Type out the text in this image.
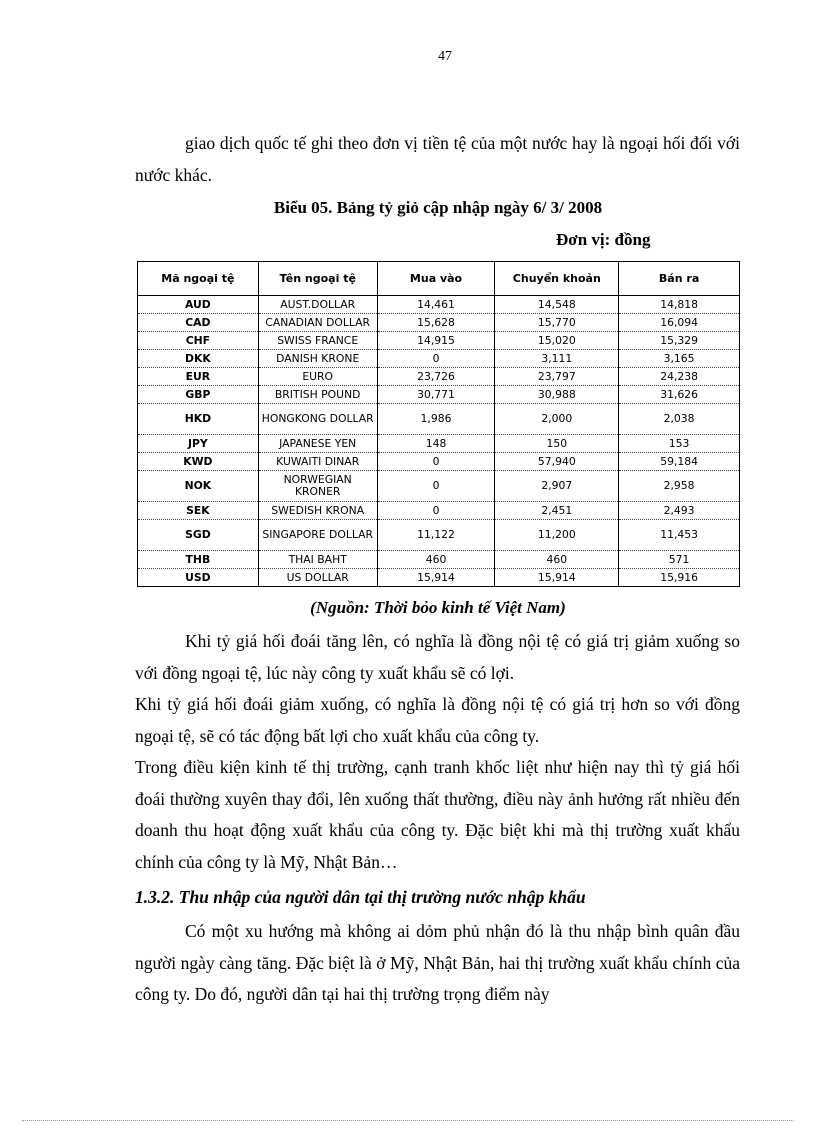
47

giao dịch quốc tế ghi theo đơn vị tiền tệ của một nước hay là ngoại hối đối với nước khác.

Biểu 05. Bảng tỷ giỏ cập nhập ngày 6/ 3/ 2008
Đơn vị: đồng
Mã ngoại tệ	Tên ngoại tệ	Mua vào	Chuyển khoản	Bán ra
AUD	AUST.DOLLAR	14,461	14,548	14,818
CAD	CANADIAN DOLLAR	15,628	15,770	16,094
CHF	SWISS FRANCE	14,915	15,020	15,329
DKK	DANISH KRONE	0	3,111	3,165
EUR	EURO	23,726	23,797	24,238
GBP	BRITISH POUND	30,771	30,988	31,626
HKD	HONGKONG DOLLAR	1,986	2,000	2,038
JPY	JAPANESE YEN	148	150	153
KWD	KUWAITI DINAR	0	57,940	59,184
NOK	NORWEGIAN KRONER	0	2,907	2,958
SEK	SWEDISH KRONA	0	2,451	2,493
SGD	SINGAPORE DOLLAR	11,122	11,200	11,453
THB	THAI BAHT	460	460	571
USD	US DOLLAR	15,914	15,914	15,916
(Nguồn: Thời bỏo kinh tế Việt Nam)

Khi tỷ giá hối đoái tăng lên, có nghĩa là đồng nội tệ có giá trị giảm xuống so với đồng ngoại tệ, lúc này công ty xuất khẩu sẽ có lợi.

Khi tỷ giá hối đoái giảm xuống, có nghĩa là đồng nội tệ có giá trị hơn so với đồng ngoại tệ, sẽ có tác động bất lợi cho xuất khẩu của công ty.

Trong điều kiện kinh tế thị trường, cạnh tranh khốc liệt như hiện nay thì tỷ giá hối đoái thường xuyên thay đổi, lên xuống thất thường, điều này ảnh hưởng rất nhiều đến doanh thu hoạt động xuất khẩu của công ty. Đặc biệt khi mà thị trường xuất khẩu chính của công ty là Mỹ, Nhật Bản…

1.3.2. Thu nhập của người dân tại thị trường nước nhập khẩu

Có một xu hướng mà không ai dỏm phủ nhận đó là thu nhập bình quân đầu người ngày càng tăng. Đặc biệt là ở Mỹ, Nhật Bản, hai thị trường xuất khẩu chính của công ty. Do đó, người dân tại hai thị trường trọng điểm này
